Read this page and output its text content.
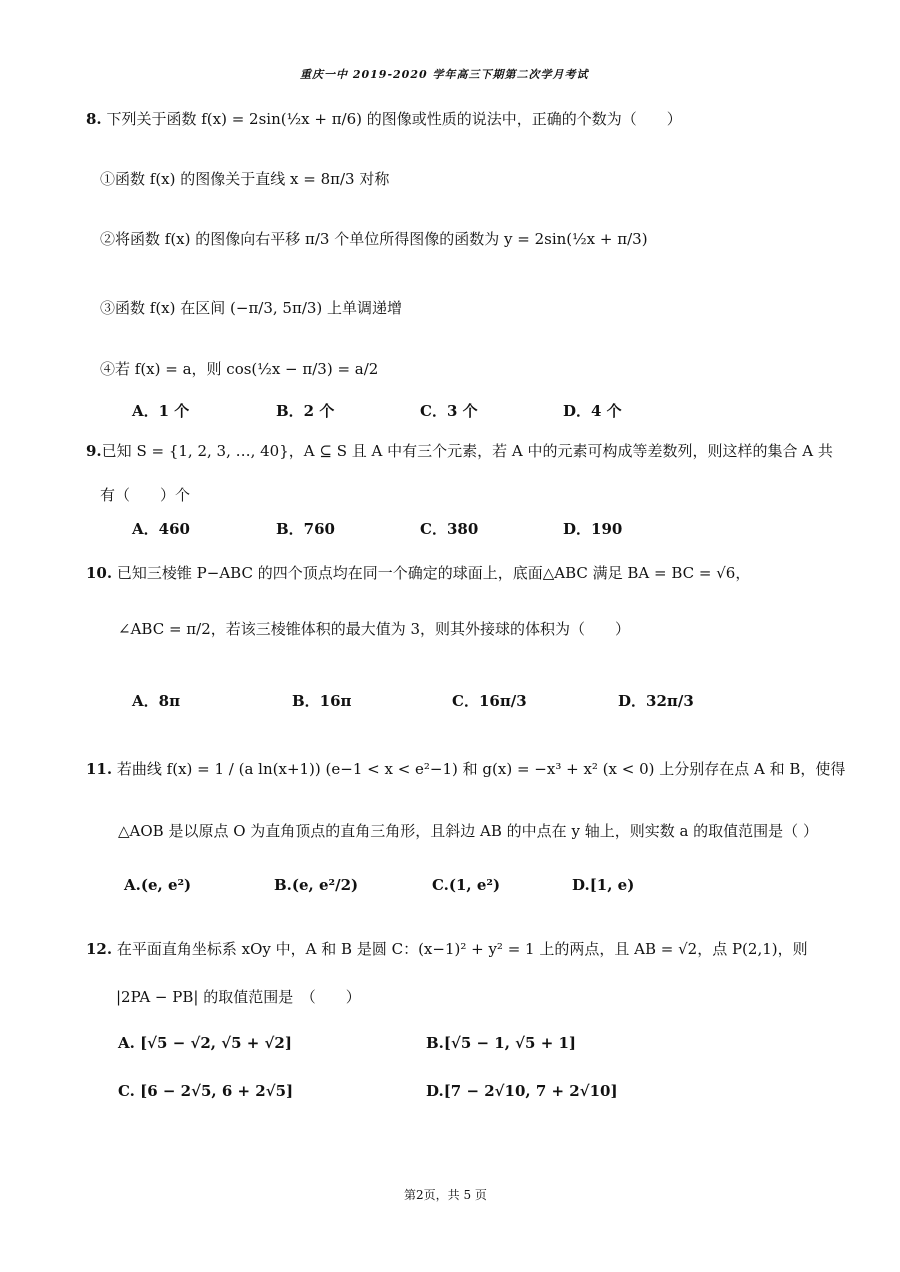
重庆一中 2019-2020 学年高三下期第二次学月考试
8. 下列关于函数 f(x) = 2sin(½x + π/6) 的图像或性质的说法中，正确的个数为（　　）
①函数 f(x) 的图像关于直线 x = 8π/3 对称
②将函数 f(x) 的图像向右平移 π/3 个单位所得图像的函数为 y = 2sin(½x + π/3)
③函数 f(x) 在区间 (−π/3, 5π/3) 上单调递增
④若 f(x) = a，则 cos(½x − π/3) = a/2
A．1 个	B．2 个	C．3 个	D．4 个
9.已知 S = {1, 2, 3, …, 40}，A ⊆ S 且 A 中有三个元素，若 A 中的元素可构成等差数列，则这样的集合 A 共
有（　　）个
A．460	B．760	C．380	D．190
10. 已知三棱锥 P−ABC 的四个顶点均在同一个确定的球面上，底面△ABC 满足 BA = BC = √6，
∠ABC = π/2，若该三棱锥体积的最大值为 3，则其外接球的体积为（　　）
A．8π	B．16π	C．16π/3	D．32π/3
11. 若曲线 f(x) = 1 / (a ln(x+1)) (e−1 < x < e²−1) 和 g(x) = −x³ + x² (x < 0) 上分别存在点 A 和 B，使得
△AOB 是以原点 O 为直角顶点的直角三角形，且斜边 AB 的中点在 y 轴上，则实数 a 的取值范围是（ ）
A.(e, e²)	B.(e, e²/2)	C.(1, e²)	D.[1, e)
12. 在平面直角坐标系 xOy 中，A 和 B 是圆 C：(x−1)² + y² = 1 上的两点，且 AB = √2，点 P(2,1)，则
|2PA − PB| 的取值范围是　（　　）
A. [√5 − √2, √5 + √2]	B.[√5 − 1, √5 + 1]
C. [6 − 2√5, 6 + 2√5]	D.[7 − 2√10, 7 + 2√10]
第2页，共 5 页
